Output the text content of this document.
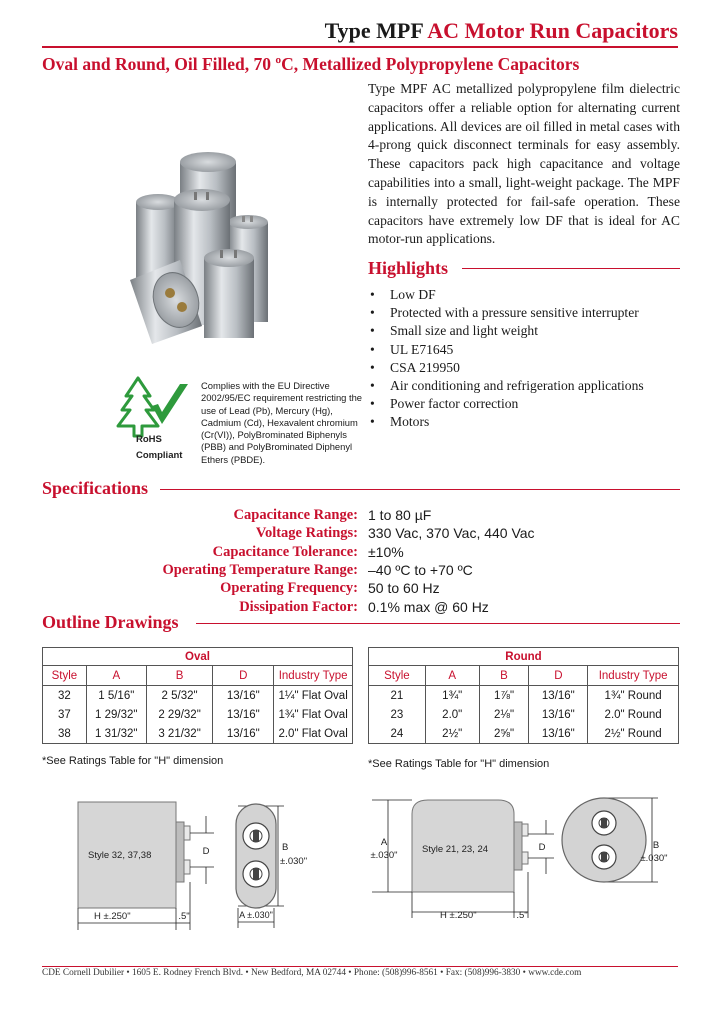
Type MPF AC Motor Run Capacitors
Oval and Round, Oil Filled, 70 ºC, Metallized Polypropylene Capacitors
Type MPF AC metallized polypropylene film dielectric capacitors offer a reliable option for alternating current applications. All devices are oil filled in metal cases with 4-prong quick disconnect terminals for easy assembly. These capacitors pack high capacitance and voltage capabilities into a small, light-weight package. The MPF is internally protected for fail-safe operation. These capacitors have extremely low DF that is ideal for AC motor-run applications.
Highlights
• Low DF
• Protected with a pressure sensitive interrupter
• Small size and light weight
• UL E71645
• CSA 219950
• Air conditioning and refrigeration applications
• Power factor correction
• Motors
RoHS
Compliant
Complies with the EU Directive 2002/95/EC requirement restricting the use of Lead (Pb), Mercury (Hg), Cadmium (Cd), Hexavalent chromium (Cr(VI)), PolyBrominated Biphenyls (PBB) and PolyBrominated Diphenyl Ethers (PBDE).
Specifications
Capacitance Range: 1 to 80 µF
Voltage Ratings: 330 Vac, 370 Vac, 440 Vac
Capacitance Tolerance: ±10%
Operating Temperature Range: –40 ºC to +70 ºC
Operating Frequency: 50 to 60 Hz
Dissipation Factor: 0.1% max @ 60 Hz
Outline Drawings
Oval				
Style	A	B	D	Industry Type
32	1 5/16"	2 5/32"	13/16"	1¼" Flat Oval
37	1 29/32"	2 29/32"	13/16"	1¾" Flat Oval
38	1 31/32"	3 21/32"	13/16"	2.0" Flat Oval
Round				
Style	A	B	D	Industry Type
21	1¾"	1⅞"	13/16"	1¾" Round
23	2.0"	2⅛"	13/16"	2.0" Round
24	2½"	2⅝"	13/16"	2½" Round
*See Ratings Table for "H" dimension	*See Ratings Table for "H" dimension
Style 32, 37,38	D
H ±.250"	.5"
B
±.030"
A ±.030"
Style 21, 23, 24
A
±.030"
D
H ±.250"	.5"
B
±.030"
CDE Cornell Dubilier • 1605 E. Rodney French Blvd. • New Bedford, MA 02744 • Phone: (508)996-8561 • Fax: (508)996-3830 • www.cde.com
